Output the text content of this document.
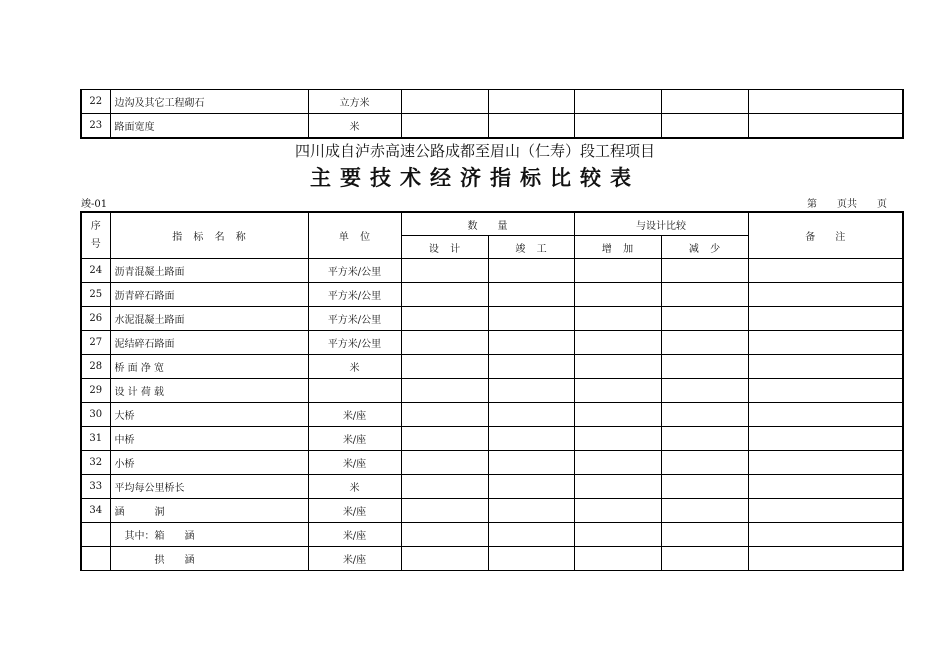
22	边沟及其它工程砌石	立方米					
23	路面宽度	米					
四川成自泸赤高速公路成都至眉山（仁寿）段工程项目
主要技术经济指标比较表
竣-01	第　　页共　　页
序
号	指 标 名 称	单 位	数　　量		与设计比较		备　　注
			设 计	竣 工	增 加	减 少	
24	沥青混凝土路面	平方米/公里					
25	沥青碎石路面	平方米/公里					
26	水泥混凝土路面	平方米/公里					
27	泥结碎石路面	平方米/公里					
28	桥 面 净 宽	米					
29	设 计 荷 载						
30	大桥	米/座					
31	中桥	米/座					
32	小桥	米/座					
33	平均每公里桥长	米					
34	涵　　　洞	米/座					
	　其中：箱　　涵	米/座					
	　　　　拱　　涵	米/座					
